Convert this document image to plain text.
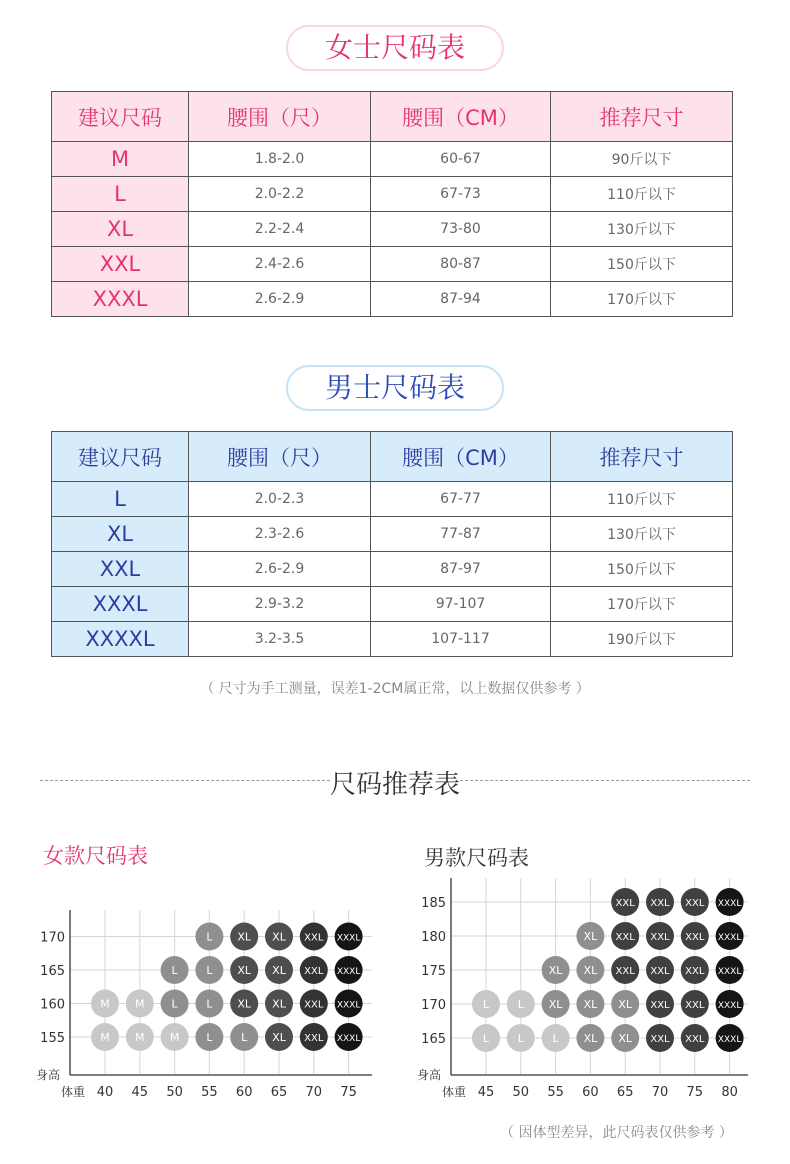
女士尺码表
建议尺码	腰围（尺）	腰围（CM）	推荐尺寸
M	1.8-2.0	60-67	90斤以下
L	2.0-2.2	67-73	110斤以下
XL	2.2-2.4	73-80	130斤以下
XXL	2.4-2.6	80-87	150斤以下
XXXL	2.6-2.9	87-94	170斤以下
男士尺码表
建议尺码	腰围（尺）	腰围（CM）	推荐尺寸
L	2.0-2.3	67-77	110斤以下
XL	2.3-2.6	77-87	130斤以下
XXL	2.6-2.9	87-97	150斤以下
XXXL	2.9-3.2	97-107	170斤以下
XXXXL	3.2-3.5	107-117	190斤以下
（ 尺寸为手工测量，误差1-2CM属正常，以上数据仅供参考 ）
尺码推荐表
女款尺码表	男款尺码表
40 45 50 55 60 65 70 75
155
160
165
170
身高
体重
M M M L	L XL XXL XXXL
M M L	L XL XL XXL XXXL
L	L XL XL XXL XXXL
L XL XL XXL XXXL
45 50 55 60 65 70 75 80
165
170
175
180
185
身高
体重
L	L	L XL XL XXL XXL XXXL
L	L XL XL XL XXL XXL XXXL
XL XL XXL XXL XXL XXXL
XL XXL XXL XXL XXXL
XXL XXL XXL XXXL
（ 因体型差异，此尺码表仅供参考 ）
